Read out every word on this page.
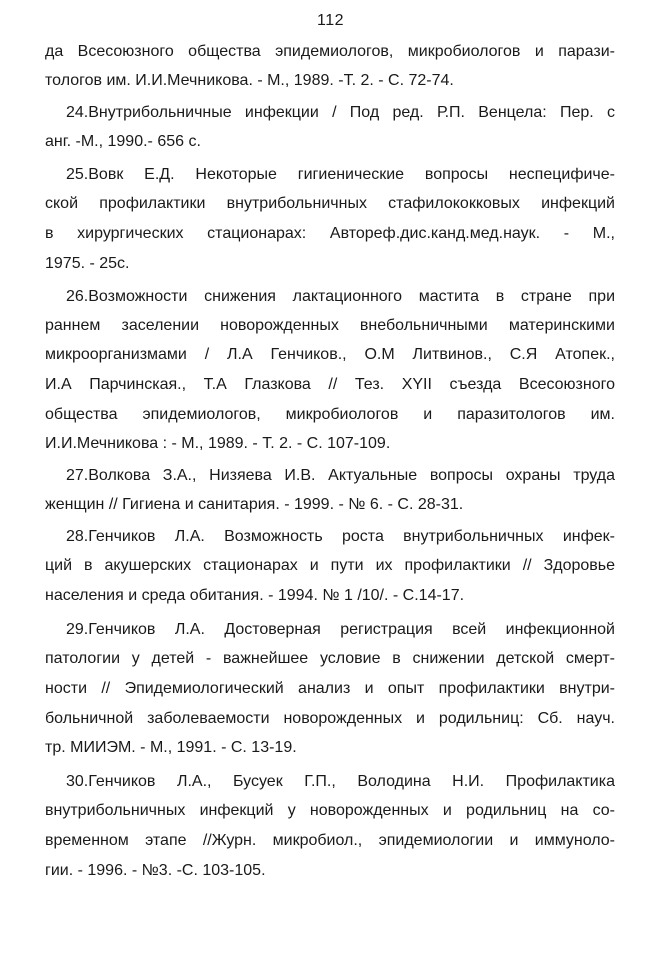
112
да Всесоюзного общества эпидемиологов, микробиологов и парази-
тологов им. И.И.Мечникова. - М., 1989. -Т. 2. - С. 72-74.
24.Внутрибольничные инфекции / Под ред. Р.П. Венцела: Пер. с
анг. -М., 1990.- 656 с.
25.Вовк Е.Д. Некоторые гигиенические вопросы неспецифиче-
ской профилактики внутрибольничных стафилококковых инфекций
в хирургических стационарах: Автореф.дис.канд.мед.наук. - М.,
1975. - 25с.
26.Возможности снижения лактационного мастита в стране при
раннем заселении новорожденных внебольничными материнскими
микроорганизмами / Л.А Генчиков., О.М Литвинов., С.Я Атопек.,
И.А Парчинская., Т.А Глазкова // Тез. XYII съезда Всесоюзного
общества эпидемиологов, микробиологов и паразитологов им.
И.И.Мечникова : - М., 1989. - Т. 2. - С. 107-109.
27.Волкова З.А., Низяева И.В. Актуальные вопросы охраны труда
женщин // Гигиена и санитария. - 1999. - № 6. - С. 28-31.
28.Генчиков Л.А. Возможность роста внутрибольничных инфек-
ций в акушерских стационарах и пути их профилактики // Здоровье
населения и среда обитания. - 1994. № 1 /10/. - С.14-17.
29.Генчиков Л.А. Достоверная регистрация всей инфекционной
патологии у детей - важнейшее условие в снижении детской смерт-
ности // Эпидемиологический анализ и опыт профилактики внутри-
больничной заболеваемости новорожденных и родильниц: Сб. науч.
тр. МИИЭМ. - М., 1991. - С. 13-19.
30.Генчиков Л.А., Бусуек Г.П., Володина Н.И. Профилактика
внутрибольничных инфекций у новорожденных и родильниц на со-
временном этапе //Журн. микробиол., эпидемиологии и иммуноло-
гии. - 1996. - №3. -С. 103-105.
